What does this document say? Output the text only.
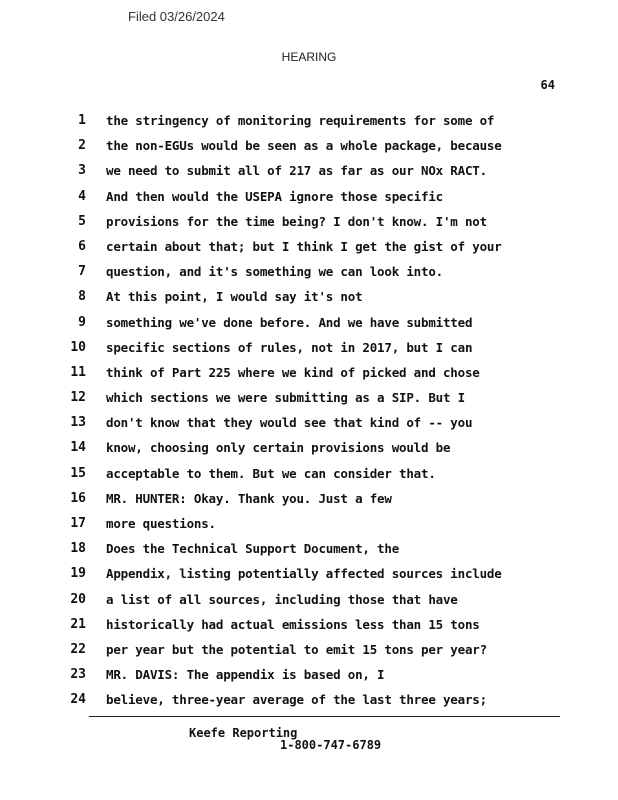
Filed 03/26/2024
HEARING
64
1 the stringency of monitoring requirements for some of
2 the non-EGUs would be seen as a whole package, because
3 we need to submit all of 217 as far as our NOx RACT.
4 And then would the USEPA ignore those specific
5 provisions for the time being? I don't know. I'm not
6 certain about that; but I think I get the gist of your
7 question, and it's something we can look into.
8 At this point, I would say it's not
9 something we've done before. And we have submitted
10 specific sections of rules, not in 2017, but I can
11 think of Part 225 where we kind of picked and chose
12 which sections we were submitting as a SIP. But I
13 don't know that they would see that kind of -- you
14 know, choosing only certain provisions would be
15 acceptable to them. But we can consider that.
16 MR. HUNTER: Okay. Thank you. Just a few
17 more questions.
18 Does the Technical Support Document, the
19 Appendix, listing potentially affected sources include
20 a list of all sources, including those that have
21 historically had actual emissions less than 15 tons
22 per year but the potential to emit 15 tons per year?
23 MR. DAVIS: The appendix is based on, I
24 believe, three-year average of the last three years;
Keefe Reporting
1-800-747-6789
